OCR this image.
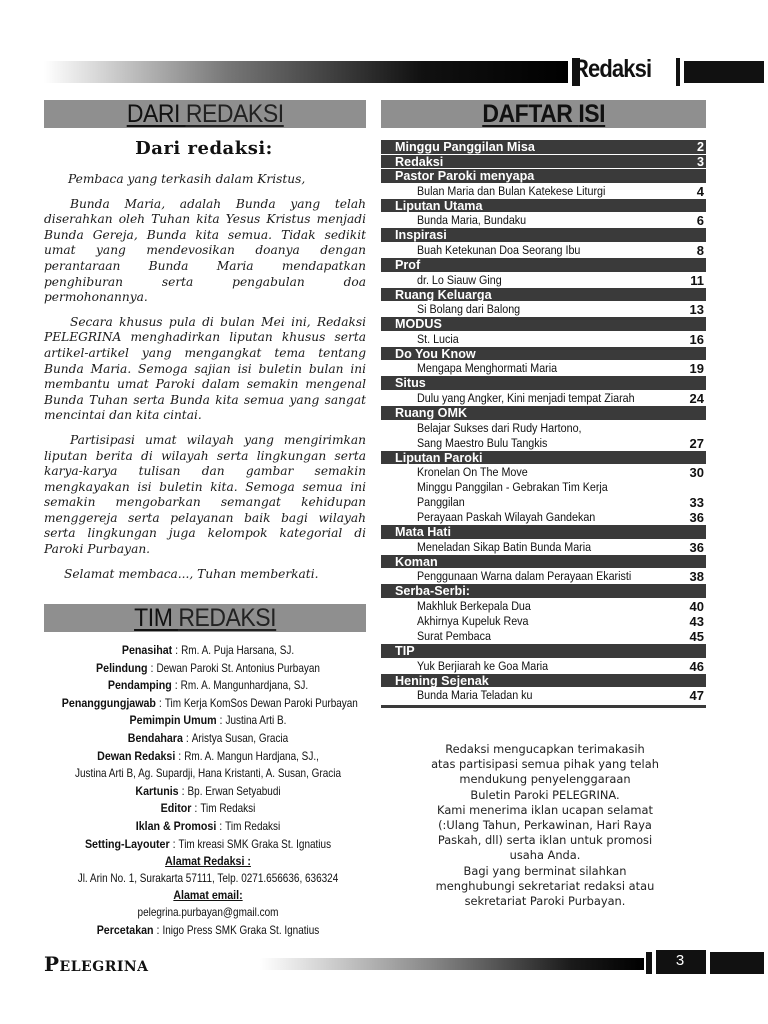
Redaksi
DARI REDAKSI
Dari redaksi:

Pembaca yang terkasih dalam Kristus,

Bunda Maria, adalah Bunda yang telah diserahkan oleh Tuhan kita Yesus Kristus menjadi Bunda Gereja, Bunda kita semua. Tidak sedikit umat yang mendevosikan doanya dengan perantaraan Bunda Maria mendapatkan penghiburan serta pengabulan doa permohonannya.

Secara khusus pula di bulan Mei ini, Redaksi PELEGRINA menghadirkan liputan khusus serta artikel-artikel yang mengangkat tema tentang Bunda Maria. Semoga sajian isi buletin bulan ini membantu umat Paroki dalam semakin mengenal Bunda Tuhan serta Bunda kita semua yang sangat mencintai dan kita cintai.

Partisipasi umat wilayah yang mengirimkan liputan berita di wilayah serta lingkungan serta karya-karya tulisan dan gambar semakin mengkayakan isi buletin kita. Semoga semua ini semakin mengobarkan semangat kehidupan menggereja serta pelayanan baik bagi wilayah serta lingkungan juga kelompok kategorial di Paroki Purbayan.

Selamat membaca..., Tuhan memberkati.

TIM REDAKSI
Penasihat : Rm. A. Puja Harsana, SJ.
Pelindung : Dewan Paroki St. Antonius Purbayan
Pendamping : Rm. A. Mangunhardjana, SJ.
Penanggungjawab : Tim Kerja KomSos Dewan Paroki Purbayan
Pemimpin Umum : Justina Arti B.
Bendahara : Aristya Susan, Gracia
Dewan Redaksi : Rm. A. Mangun Hardjana, SJ.,
Justina Arti B, Ag. Supardji, Hana Kristanti, A. Susan, Gracia
Kartunis : Bp. Erwan Setyabudi
Editor : Tim Redaksi
Iklan & Promosi : Tim Redaksi
Setting-Layouter : Tim kreasi SMK Graka St. Ignatius
Alamat Redaksi :
Jl. Arin No. 1, Surakarta 57111, Telp. 0271.656636, 636324
Alamat email:
pelegrina.purbayan@gmail.com
Percetakan : Inigo Press SMK Graka St. Ignatius
DAFTAR ISI
Minggu Panggilan Misa	2
Redaksi	3
Pastor Paroki menyapa
Bulan Maria dan Bulan Katekese Liturgi	4
Liputan Utama
Bunda Maria, Bundaku	6
Inspirasi
Buah Ketekunan Doa Seorang Ibu	8
Prof
dr. Lo Siauw Ging	11
Ruang Keluarga
Si Bolang dari Balong	13
MODUS
St. Lucia	16
Do You Know
Mengapa Menghormati Maria	19
Situs
Dulu yang Angker, Kini menjadi tempat Ziarah	24
Ruang OMK
Belajar Sukses dari Rudy Hartono,
Sang Maestro Bulu Tangkis	27
Liputan Paroki
Kronelan On The Move	30
Minggu Panggilan - Gebrakan Tim Kerja
Panggilan	33
Perayaan Paskah Wilayah Gandekan	36
Mata Hati
Meneladan Sikap Batin Bunda Maria	36
Koman
Penggunaan Warna dalam Perayaan Ekaristi	38
Serba-Serbi:
Makhluk Berkepala Dua	40
Akhirnya Kupeluk Reva	43
Surat Pembaca	45
TIP
Yuk Berjiarah ke Goa Maria	46
Hening Sejenak
Bunda Maria Teladan ku	47
Redaksi mengucapkan terimakasih
atas partisipasi semua pihak yang telah
mendukung penyelenggaraan
Buletin Paroki PELEGRINA.
Kami menerima iklan ucapan selamat
(:Ulang Tahun, Perkawinan, Hari Raya
Paskah, dll) serta iklan untuk promosi
usaha Anda.
Bagi yang berminat silahkan
menghubungi sekretariat redaksi atau
sekretariat Paroki Purbayan.
PELEGRINA	3
